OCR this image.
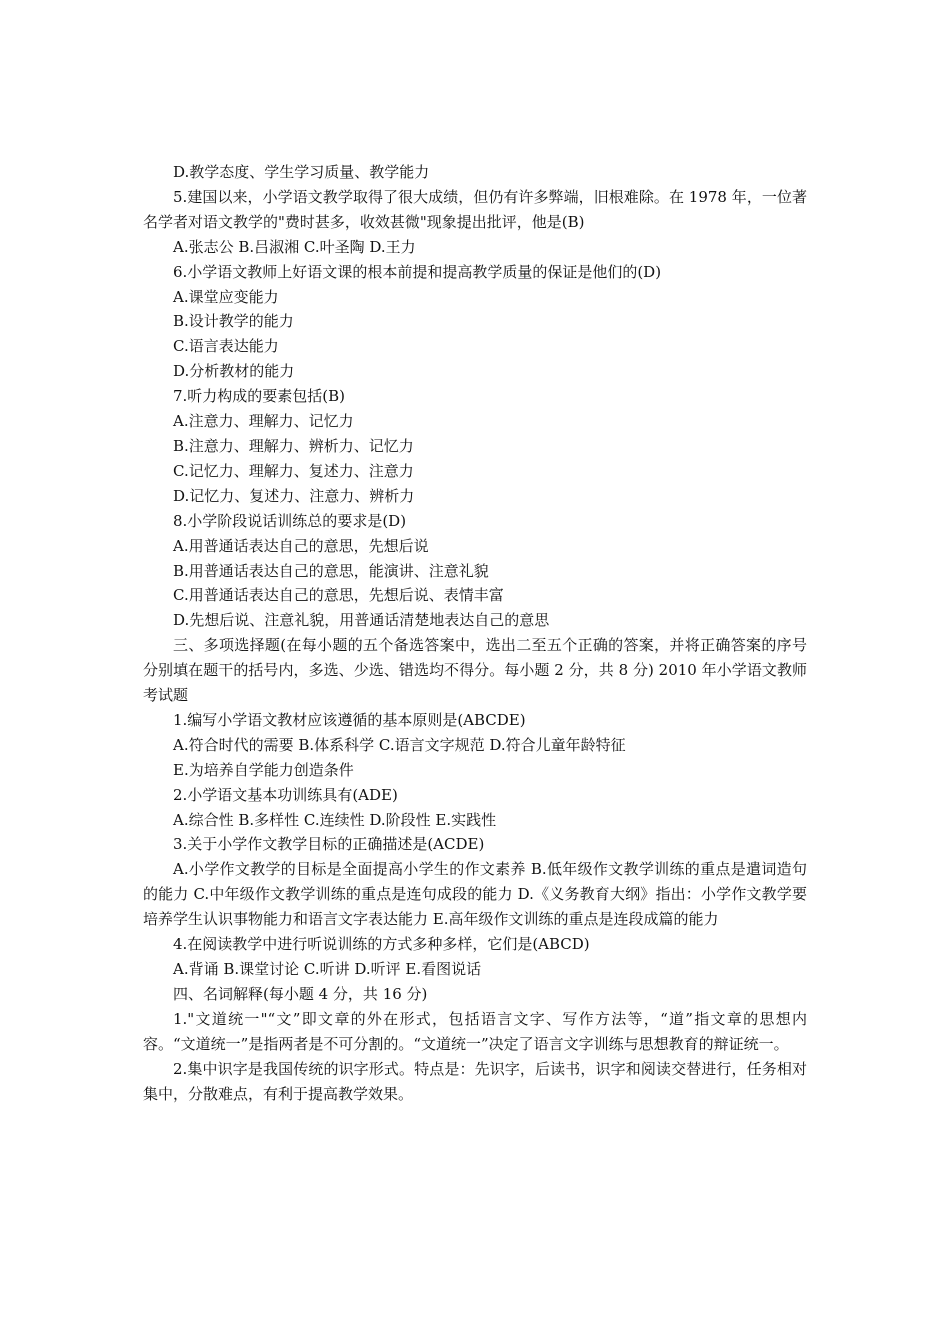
D.教学态度、学生学习质量、教学能力

5.建国以来，小学语文教学取得了很大成绩，但仍有许多弊端，旧根难除。在 1978 年，一位著名学者对语文教学的"费时甚多，收效甚微"现象提出批评，他是(B)

A.张志公 B.吕淑湘 C.叶圣陶 D.王力

6.小学语文教师上好语文课的根本前提和提高教学质量的保证是他们的(D)

A.课堂应变能力

B.设计教学的能力

C.语言表达能力

D.分析教材的能力

7.听力构成的要素包括(B)

A.注意力、理解力、记忆力

B.注意力、理解力、辨析力、记忆力

C.记忆力、理解力、复述力、注意力

D.记忆力、复述力、注意力、辨析力

8.小学阶段说话训练总的要求是(D)

A.用普通话表达自己的意思，先想后说

B.用普通话表达自己的意思，能演讲、注意礼貌

C.用普通话表达自己的意思，先想后说、表情丰富

D.先想后说、注意礼貌，用普通话清楚地表达自己的意思

三、多项选择题(在每小题的五个备选答案中，选出二至五个正确的答案，并将正确答案的序号分别填在题干的括号内，多选、少选、错选均不得分。每小题 2 分，共 8 分) 2010 年小学语文教师考试题

1.编写小学语文教材应该遵循的基本原则是(ABCDE)

A.符合时代的需要 B.体系科学 C.语言文字规范 D.符合儿童年龄特征

E.为培养自学能力创造条件

2.小学语文基本功训练具有(ADE)

A.综合性 B.多样性 C.连续性 D.阶段性 E.实践性

3.关于小学作文教学目标的正确描述是(ACDE)

A.小学作文教学的目标是全面提高小学生的作文素养 B.低年级作文教学训练的重点是遣词造句的能力 C.中年级作文教学训练的重点是连句成段的能力 D.《义务教育大纲》指出：小学作文教学要培养学生认识事物能力和语言文字表达能力 E.高年级作文训练的重点是连段成篇的能力

4.在阅读教学中进行听说训练的方式多种多样，它们是(ABCD)

A.背诵 B.课堂讨论 C.听讲 D.听评 E.看图说话

四、名词解释(每小题 4 分，共 16 分)

1."文道统一"“文”即文章的外在形式，包括语言文字、写作方法等，“道”指文章的思想内容。“文道统一”是指两者是不可分割的。“文道统一”决定了语言文字训练与思想教育的辩证统一。

2.集中识字是我国传统的识字形式。特点是：先识字，后读书，识字和阅读交替进行，任务相对集中，分散难点，有利于提高教学效果。
